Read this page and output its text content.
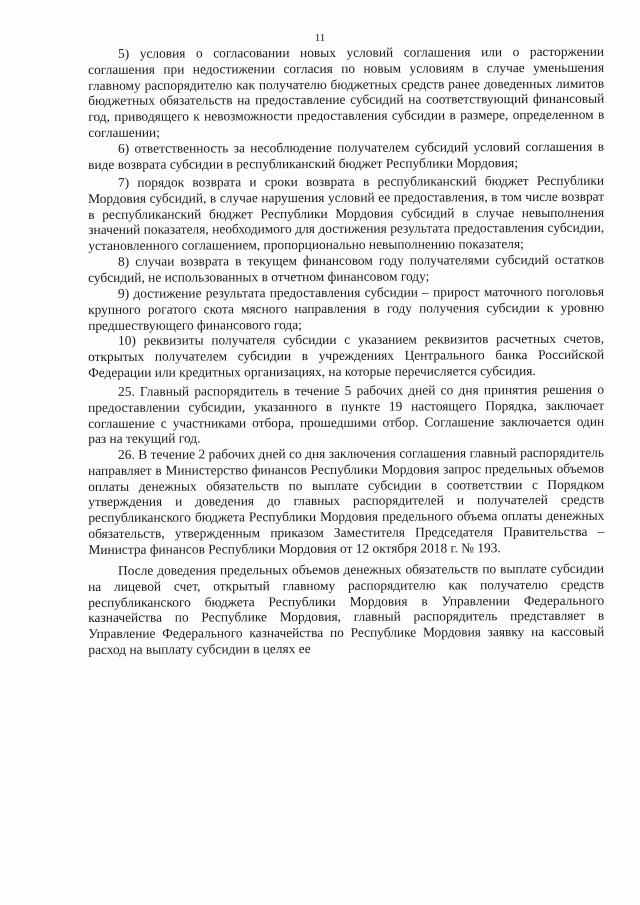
11

5) условия о согласовании новых условий соглашения или о расторжении соглашения при недостижении согласия по новым условиям в случае уменьшения главному распорядителю как получателю бюджетных средств ранее доведенных лимитов бюджетных обязательств на предоставление субсидий на соответствующий финансовый год, приводящего к невозможности предоставления субсидии в размере, определенном в соглашении;

6) ответственность за несоблюдение получателем субсидий условий соглашения в виде возврата субсидии в республиканский бюджет Республики Мордовия;

7) порядок возврата и сроки возврата в республиканский бюджет Республики Мордовия субсидий, в случае нарушения условий ее предоставления, в том числе возврат в республиканский бюджет Республики Мордовия субсидий в случае невыполнения значений показателя, необходимого для достижения результата предоставления субсидии, установленного соглашением, пропорционально невыполнению показателя;

8) случаи возврата в текущем финансовом году получателями субсидий остатков субсидий, не использованных в отчетном финансовом году;

9) достижение результата предоставления субсидии – прирост маточного поголовья крупного рогатого скота мясного направления в году получения субсидии к уровню предшествующего финансового года;

10) реквизиты получателя субсидии с указанием реквизитов расчетных счетов, открытых получателем субсидии в учреждениях Центрального банка Российской Федерации или кредитных организациях, на которые перечисляется субсидия.

25. Главный распорядитель в течение 5 рабочих дней со дня принятия решения о предоставлении субсидии, указанного в пункте 19 настоящего Порядка, заключает соглашение с участниками отбора, прошедшими отбор. Соглашение заключается один раз на текущий год.

26. В течение 2 рабочих дней со дня заключения соглашения главный распорядитель направляет в Министерство финансов Республики Мордовия запрос предельных объемов оплаты денежных обязательств по выплате субсидии в соответствии с Порядком утверждения и доведения до главных распорядителей и получателей средств республиканского бюджета Республики Мордовия предельного объема оплаты денежных обязательств, утвержденным приказом Заместителя Председателя Правительства – Министра финансов Республики Мордовия от 12 октября 2018 г. № 193.

После доведения предельных объемов денежных обязательств по выплате субсидии на лицевой счет, открытый главному распорядителю как получателю средств республиканского бюджета Республики Мордовия в Управлении Федерального казначейства по Республике Мордовия, главный распорядитель представляет в Управление Федерального казначейства по Республике Мордовия заявку на кассовый расход на выплату субсидии в целях ее
